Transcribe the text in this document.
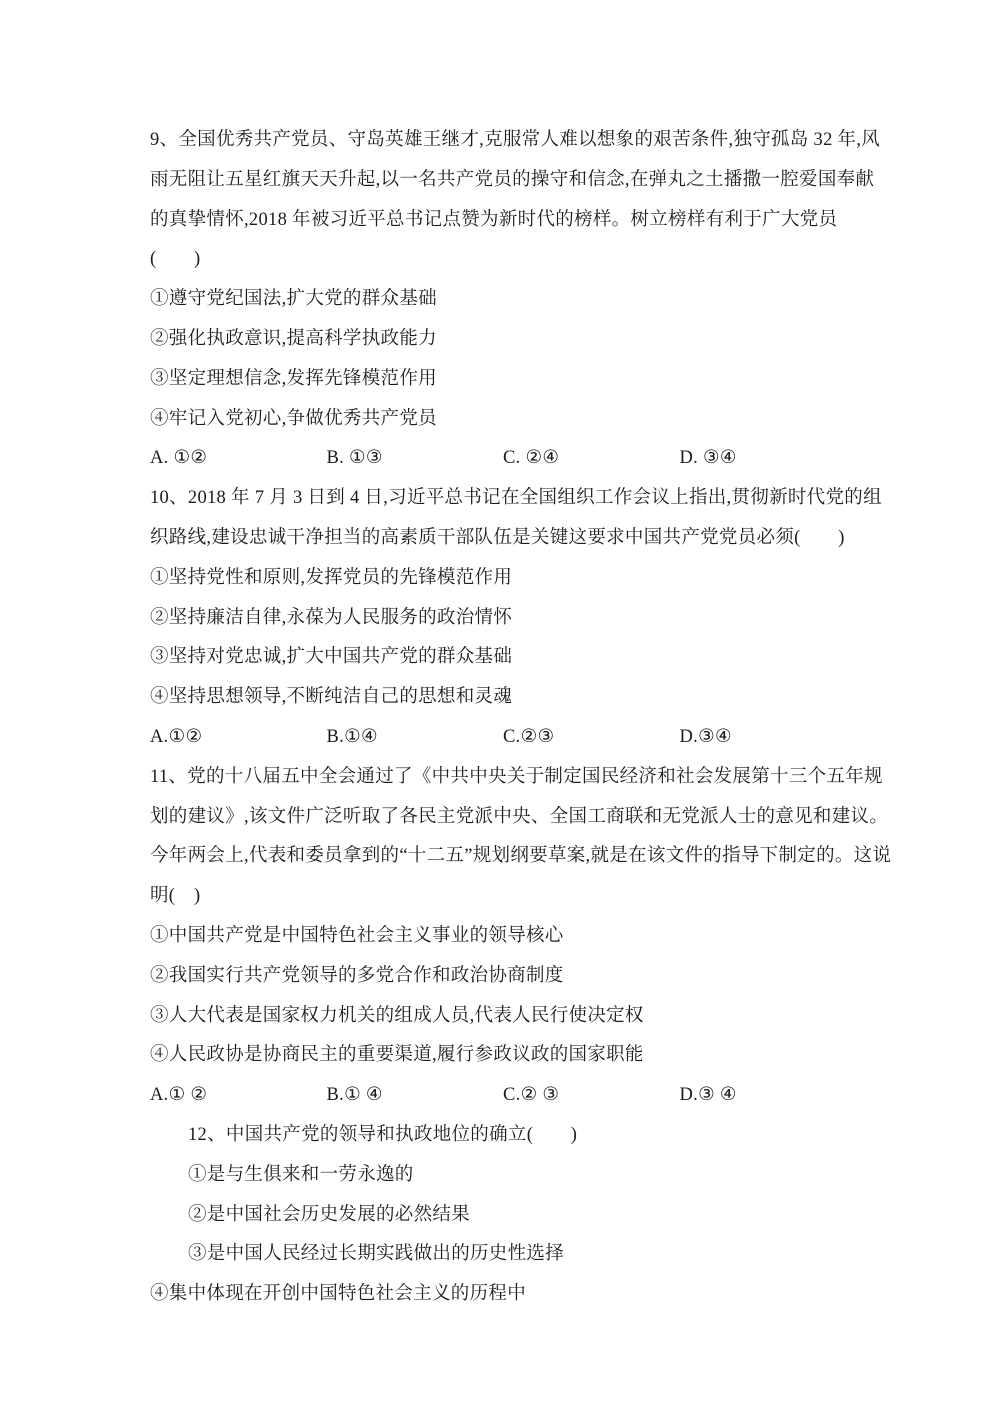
9、全国优秀共产党员、守岛英雄王继才,克服常人难以想象的艰苦条件,独守孤岛 32 年,风
雨无阻让五星红旗天天升起,以一名共产党员的操守和信念,在弹丸之土播撒一腔爱国奉献
的真挚情怀,2018 年被习近平总书记点赞为新时代的榜样。树立榜样有利于广大党员
(　　)
①遵守党纪国法,扩大党的群众基础
②强化执政意识,提高科学执政能力
③坚定理想信念,发挥先锋模范作用
④牢记入党初心,争做优秀共产党员
A. ①②	B. ①③	C. ②④	D. ③④
10、2018 年 7 月 3 日到 4 日,习近平总书记在全国组织工作会议上指出,贯彻新时代党的组
织路线,建设忠诚干净担当的高素质干部队伍是关键这要求中国共产党党员必须(　　)
①坚持党性和原则,发挥党员的先锋模范作用
②坚持廉洁自律,永葆为人民服务的政治情怀
③坚持对党忠诚,扩大中国共产党的群众基础
④坚持思想领导,不断纯洁自己的思想和灵魂
A.①②	B.①④	C.②③	D.③④
11、党的十八届五中全会通过了《中共中央关于制定国民经济和社会发展第十三个五年规
划的建议》,该文件广泛听取了各民主党派中央、全国工商联和无党派人士的意见和建议。
今年两会上,代表和委员拿到的“十二五”规划纲要草案,就是在该文件的指导下制定的。这说
明(　)
①中国共产党是中国特色社会主义事业的领导核心
②我国实行共产党领导的多党合作和政治协商制度
③人大代表是国家权力机关的组成人员,代表人民行使决定权
④人民政协是协商民主的重要渠道,履行参政议政的国家职能
A.① ②	B.① ④	C.② ③	D.③ ④
12、中国共产党的领导和执政地位的确立(　　)
①是与生俱来和一劳永逸的
②是中国社会历史发展的必然结果
③是中国人民经过长期实践做出的历史性选择
④集中体现在开创中国特色社会主义的历程中
